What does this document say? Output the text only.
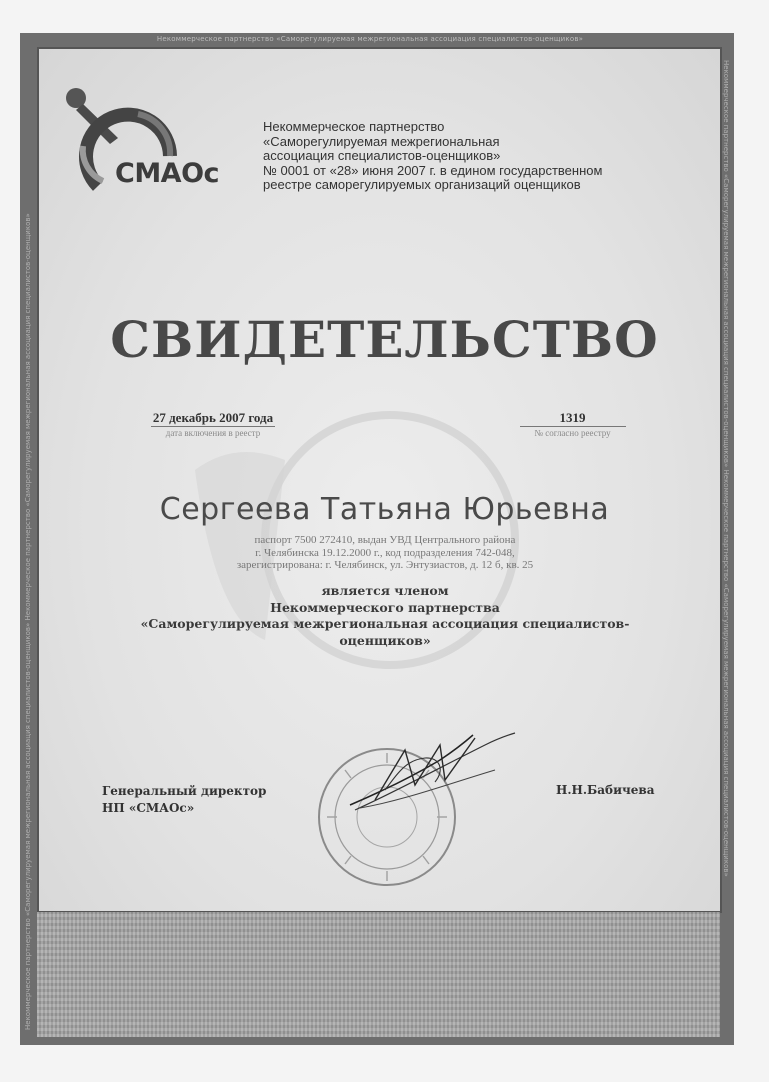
Некоммерческое партнерство «Саморегулируемая межрегиональная ассоциация специалистов-оценщиков»
Некоммерческое партнерство «Саморегулируемая межрегиональная ассоциация специалистов-оценщиков» Некоммерческое партнерство «Саморегулируемая межрегиональная ассоциация специалистов-оценщиков»	Некоммерческое партнерство «Саморегулируемая межрегиональная ассоциация специалистов-оценщиков» Некоммерческое партнерство «Саморегулируемая межрегиональная ассоциация специалистов-оценщиков»
СМАОс
Некоммерческое партнерство
«Саморегулируемая межрегиональная
ассоциация специалистов-оценщиков»
№ 0001 от «28» июня 2007 г. в едином государственном
реестре саморегулируемых организаций оценщиков
СВИДЕТЕЛЬСТВО
27 декабрь 2007 года
дата включения в реестр
1319
№ согласно реестру
Сергеева Татьяна Юрьевна
паспорт 7500 272410, выдан УВД Центрального района
г. Челябинска 19.12.2000 г., код подразделения 742-048,
зарегистрирована: г. Челябинск, ул. Энтузиастов, д. 12 б, кв. 25
является членом
Некоммерческого партнерства
«Саморегулируемая межрегиональная ассоциация специалистов-
оценщиков»
Генеральный директор
НП «СМАОс»
Н.Н.Бабичева
